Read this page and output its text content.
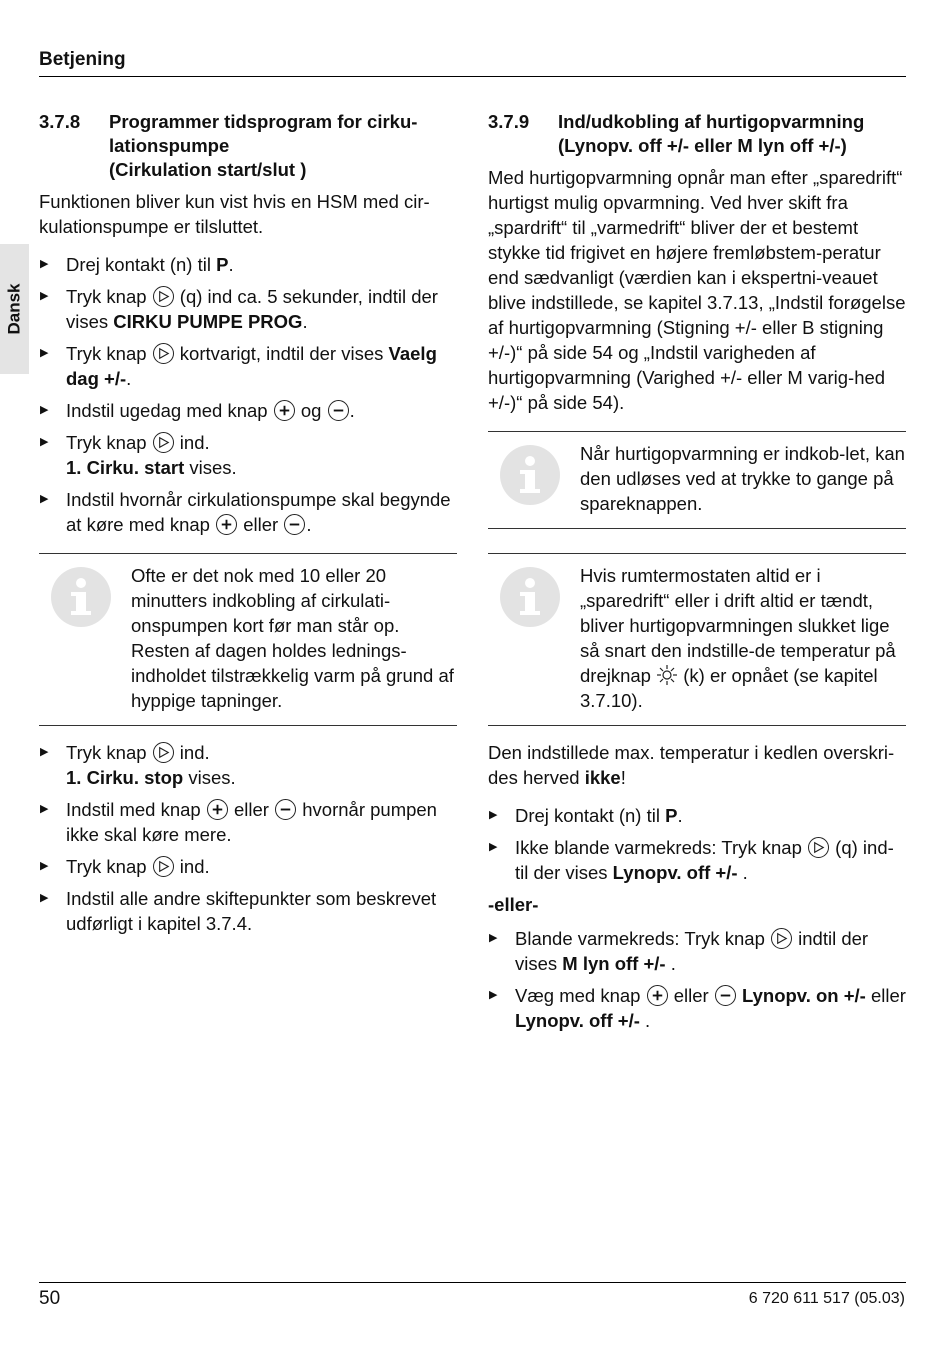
Betjening
Dansk
3.7.8	Programmer tidsprogram for cirku-
lationspumpe
(Cirkulation start/slut )

Funktionen bliver kun vist hvis en HSM med cir-kulationspumpe er tilsluttet.

▶ Drej kontakt (n) til P.
▶ Tryk knap
(q) ind ca. 5 sekunder, indtil der vises CIRKU PUMPE PROG.
▶ Tryk knap
kortvarigt, indtil der vises Vaelg dag +/-.
▶ Indstil ugedag med knap
og
.
▶ Tryk knap
ind.
1. Cirku. start vises.
▶ Indstil hvornår cirkulationspumpe skal begynde at køre med knap
eller
.
Ofte er det nok med 10 eller 20 minutters indkobling af cirkulati-onspumpen kort før man står op. Resten af dagen holdes lednings-indholdet tilstrækkelig varm på grund af hyppige tapninger.
▶ Tryk knap
ind.
1. Cirku. stop vises.
▶ Indstil med knap
eller
hvornår pumpen ikke skal køre mere.
▶ Tryk knap
ind.
▶ Indstil alle andre skiftepunkter som beskrevet udførligt i kapitel 3.7.4.
3.7.9	Ind/udkobling af hurtigopvarmning
(Lynopv. off +/- eller M lyn off +/-)

Med hurtigopvarmning opnår man efter „sparedrift“ hurtigst mulig opvarmning. Ved hver skift fra „spardrift“ til „varmedrift“ bliver der et bestemt stykke tid frigivet en højere fremløbstem-peratur end sædvanligt (værdien kan i ekspertni-veauet blive indstillede, se kapitel 3.7.13, „Indstil forøgelse af hurtigopvarmning (Stigning +/- eller B stigning +/-)“ på side 54 og „Indstil varigheden af hurtigopvarmning (Varighed +/- eller M varig-hed +/-)“ på side 54).

Når hurtigopvarmning er indkob-let, kan den udløses ved at trykke to gange på spareknappen.
Hvis rumtermostaten altid er i „sparedrift“ eller i drift altid er tændt, bliver hurtigopvarmningen slukket lige så snart den indstille-de temperatur på drejknap  (k) er opnået (se kapitel 3.7.10).

Den indstillede max. temperatur i kedlen overskri-des herved ikke!

▶ Drej kontakt (n) til P.
▶ Ikke blande varmekreds: Tryk knap
(q) ind-til der vises Lynopv. off +/- .
-eller-
▶ Blande varmekreds: Tryk knap
indtil der vises M lyn off +/- .
▶ Væg med knap
eller
Lynopv. on +/- eller Lynopv. off +/- .
50	6 720 611 517 (05.03)
